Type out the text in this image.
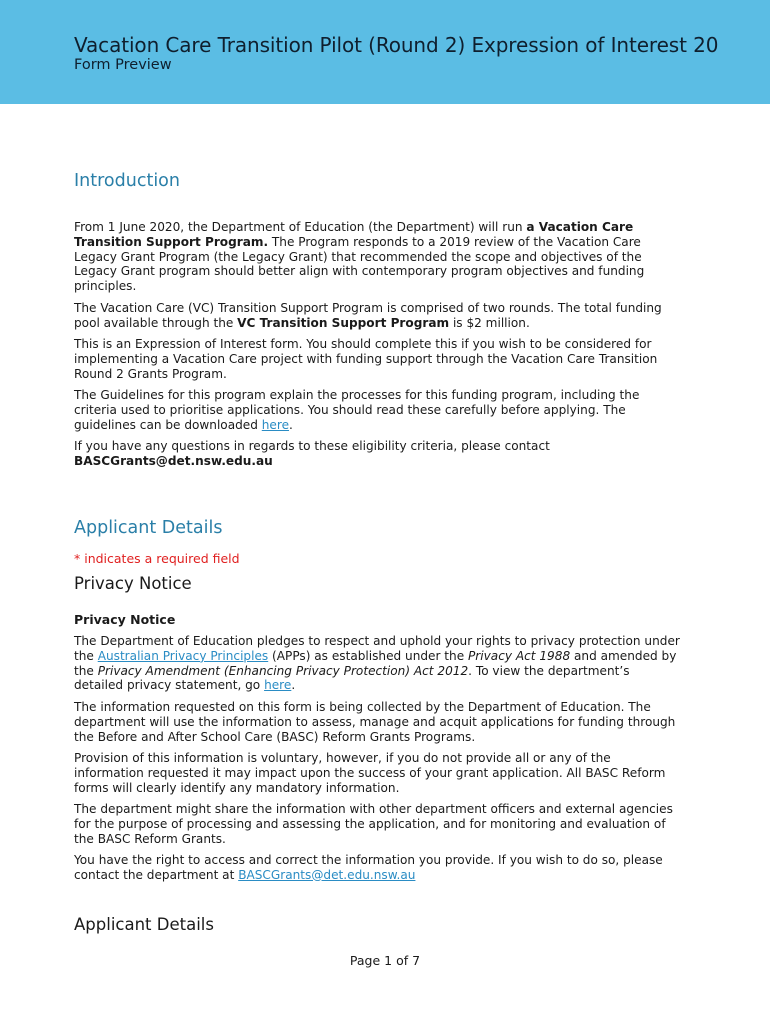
Vacation Care Transition Pilot (Round 2) Expression of Interest 20
Form Preview
Introduction

From 1 June 2020, the Department of Education (the Department) will run a Vacation Care Transition Support Program. The Program responds to a 2019 review of the Vacation Care Legacy Grant Program (the Legacy Grant) that recommended the scope and objectives of the Legacy Grant program should better align with contemporary program objectives and funding principles.

The Vacation Care (VC) Transition Support Program is comprised of two rounds. The total funding pool available through the VC Transition Support Program is $2 million.

This is an Expression of Interest form. You should complete this if you wish to be considered for implementing a Vacation Care project with funding support through the Vacation Care Transition Round 2 Grants Program.

The Guidelines for this program explain the processes for this funding program, including the criteria used to prioritise applications. You should read these carefully before applying. The guidelines can be downloaded here.

If you have any questions in regards to these eligibility criteria, please contact
BASCGrants@det.nsw.edu.au

Applicant Details
* indicates a required field
Privacy Notice
Privacy Notice

The Department of Education pledges to respect and uphold your rights to privacy protection under the Australian Privacy Principles (APPs) as established under the Privacy Act 1988 and amended by the Privacy Amendment (Enhancing Privacy Protection) Act 2012. To view the department’s detailed privacy statement, go here.

The information requested on this form is being collected by the Department of Education. The department will use the information to assess, manage and acquit applications for funding through the Before and After School Care (BASC) Reform Grants Programs.

Provision of this information is voluntary, however, if you do not provide all or any of the information requested it may impact upon the success of your grant application. All BASC Reform forms will clearly identify any mandatory information.

The department might share the information with other department officers and external agencies for the purpose of processing and assessing the application, and for monitoring and evaluation of the BASC Reform Grants.

You have the right to access and correct the information you provide. If you wish to do so, please contact the department at BASCGrants@det.edu.nsw.au

Applicant Details
Page 1 of 7
